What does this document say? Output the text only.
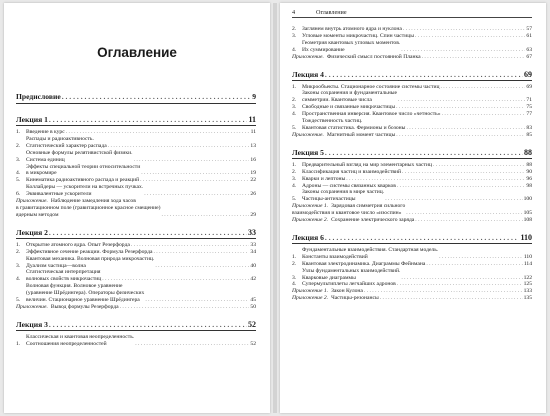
Оглавление
Предисловие . . .	9
Лекция 1 . . .	11
1.	Введение в курс . . .	11
2.
Распады и радиоактивность.
Статистический характер распада . . .	13
3.
Основные формулы релятивистской физики.
Система единиц . . .	16
4.
Эффекты специальной теории относительности
в микромире . . .	19
5.	Кинематика радиоактивного распада и реакций . . .	22
6.
Коллайдеры — ускорители на встречных пучках.
Эквивалентные ускорители . . .	26
Приложение. Наблюдение замедления хода часов
в гравитационном поле (гравитационное красное смещение)
ядерным методом . . .	29
Лекция 2 . . .	33
1.	Открытие атомного ядра. Опыт Резерфорда . . .	33
2.	Эффективное сечение реакции. Формула Резерфорда . . .	34
3.
Квантовая механика. Волновая природа микрочастиц.
Дуализм частица—волна . . .	40
4.
Статистическая интерпретация
волновых свойств микрочастиц . . .	42
5.
Волновая функция. Волновое уравнение
(уравнение Шрёдингера). Операторы физических
величин. Стационарное уравнение Шрёдингера . . .	45
Приложение. Вывод формулы Резерфорда . . .	50
Лекция 3 . . .	52
1.
Классическая и квантовая неопределенность.
Соотношения неопределенностей . . .	52
4	Оглавление
2.	Заглянем внутрь атомного ядра и нуклона . . .	57
3.	Угловые моменты микрочастиц. Спин частицы . . .	61
4.
Геометрия квантовых угловых моментов.
Их суммирование . . .	63
Приложение. Физический смысл постоянной Планка . . .	67
Лекция 4 . . .	69
1.	Микрообъекты. Стационарное состояние системы частиц . . .	69
2.
Законы сохранения и фундаментальные
симметрии. Квантовые числа . . .	71
3.	Свободные и связанные микрочастицы . . .	75
4.	Пространственная инверсия. Квантовое число «четность» . . .	77
5.
Тождественность частиц.
Квантовая статистика. Фермионы и бозоны . . .	83
Приложение. Магнитный момент частицы . . .	85
Лекция 5 . . .	88
1.	Предварительный взгляд на мир элементарных частиц . . .	88
2.	Классификация частиц и взаимодействий . . .	90
3.	Кварки и лептоны . . .	96
4.	Адроны — системы связанных кварков . . .	98
5.
Законы сохранения в мире частиц.
Частицы-античастицы . . .	100
Приложение 1. Зарядовая симметрия сильного
взаимодействия и квантовое число «изоспин» . . .	105
Приложение 2. Сохранение электрического заряда . . .	108
Лекция 6 . . .	110
1.
Фундаментальные взаимодействия. Стандартная модель.
Константы взаимодействий . . .	110
2.	Квантовая электродинамика. Диаграммы Фейнмана . . .	114
3.
Узлы фундаментальных взаимодействий.
Кварковые диаграммы . . .	122
4.	Супермультиплеты легчайших адронов . . .	125
Приложение 1. Закон Кулона . . .	133
Приложение 2. Частицы-резонансы . . .	135
